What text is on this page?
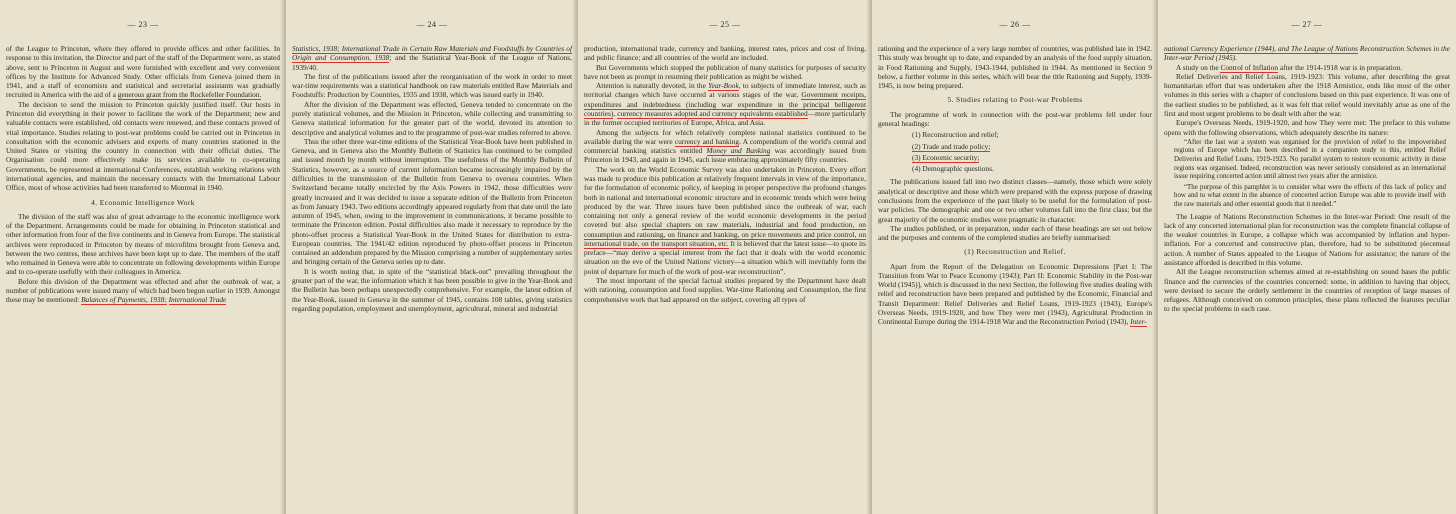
— 23 —

of the League to Princeton, where they offered to provide offices and other facilities. In response to this invitation, the Director and part of the staff of the Department were, as stated above, sent to Princeton in August and were furnished with excellent and very convenient offices by the Institute for Advanced Study. Other officials from Geneva joined them in 1941, and a staff of economists and statistical and secretarial assistants was gradually recruited in America with the aid of a generous grant from the Rockefeller Foundation.

The decision to send the mission to Princeton quickly justified itself. Our hosts in Princeton did everything in their power to facilitate the work of the Department; new and valuable contacts were established, old contacts were renewed, and these contacts proved of vital importance. Studies relating to post-war problems could be carried out in Princeton in consultation with the economic advisers and experts of many countries stationed in the United States or visiting the country in connection with their official duties. The Organisation could more effectively make its services available to co-operating Governments, be represented at international Conferences, establish working relations with international agencies, and maintain the necessary contacts with the International Labour Office, most of whose activities had been transferred to Montreal in 1940.

4. Economic Intelligence Work

The division of the staff was also of great advantage to the economic intelligence work of the Department. Arrangements could be made for obtaining in Princeton statistical and other information from four of the five continents and in Geneva from Europe. The statistical archives were reproduced in Princeton by means of microfilms brought from Geneva and, between the two centres, these archives have been kept up to date. The members of the staff who remained in Geneva were able to concentrate on following developments within Europe and to co-operate usefully with their colleagues in America.

Before this division of the Department was effected and after the outbreak of war, a number of publications were issued many of which had been begun earlier in 1939. Amongst these may be mentioned: Balances of Payments, 1938; International Trade

— 24 —

Statistics, 1938; International Trade in Certain Raw Materials and Foodstuffs by Countries of Origin and Consumption, 1938; and the Statistical Year-Book of the League of Nations, 1939/40.

The first of the publications issued after the reorganisation of the work in order to meet war-time requirements was a statistical handbook on raw materials entitled Raw Materials and Foodstuffs: Production by Countries, 1935 and 1938, which was issued early in 1940.

After the division of the Department was effected, Geneva tended to concentrate on the purely statistical volumes, and the Mission in Princeton, while collecting and transmitting to Geneva statistical information for the greater part of the world, devoted its attention to descriptive and analytical volumes and to the programme of post-war studies referred to above.

Thus the other three war-time editions of the Statistical Year-Book have been published in Geneva, and in Geneva also the Monthly Bulletin of Statistics has continued to be compiled and issued month by month without interruption. The usefulness of the Monthly Bulletin of Statistics, however, as a source of current information became increasingly impaired by the difficulties in the transmission of the Bulletin from Geneva to oversea countries. When Switzerland became totally encircled by the Axis Powers in 1942, those difficulties were greatly increased and it was decided to issue a separate edition of the Bulletin from Princeton as from January 1943. Two editions accordingly appeared regularly from that date until the late autumn of 1945, when, owing to the improvement in communications, it became possible to terminate the Princeton edition. Postal difficulties also made it necessary to reproduce by the photo-offset process a Statistical Year-Book in the United States for distribution to extra-European countries. The 1941/42 edition reproduced by photo-offset process in Princeton contained an addendum prepared by the Mission comprising a number of supplementary series and bringing certain of the Geneva series up to date.

It is worth noting that, in spite of the “statistical black-out” prevailing throughout the greater part of the war, the information which it has been possible to give in the Year-Book and the Bulletin has been perhaps unexpectedly comprehensive. For example, the latest edition of the Year-Book, issued in Geneva in the summer of 1945, contains 108 tables, giving statistics regarding population, employment and unemployment, agricultural, mineral and industrial

— 25 —

production, international trade, currency and banking, interest rates, prices and cost of living, and public finance; and all countries of the world are included.

But Governments which stopped the publication of many statistics for purposes of security have not been as prompt in resuming their publication as might be wished.

Attention is naturally devoted, in the Year-Book, to subjects of immediate interest, such as territorial changes which have occurred at various stages of the war, Government receipts, expenditures and indebtedness (including war expenditure in the principal belligerent countries), currency measures adopted and currency equivalents established—more particularly in the former occupied territories of Europe, Africa, and Asia.

Among the subjects for which relatively complete national statistics continued to be available during the war were currency and banking. A compendium of the world's central and commercial banking statistics entitled Money and Banking was accordingly issued from Princeton in 1943, and again in 1945, each issue embracing approximately fifty countries.

The work on the World Economic Survey was also undertaken in Princeton. Every effort was made to produce this publication at relatively frequent intervals in view of the importance, for the formulation of economic policy, of keeping in proper perspective the profound changes both in national and international economic structure and in economic trends which were being produced by the war. Three issues have been published since the outbreak of war, each containing not only a general review of the world economic developments in the period covered but also special chapters on raw materials, industrial and food production, on consumption and rationing, on finance and banking, on price movements and price control, on international trade, on the transport situation, etc. It is believed that the latest issue—to quote its preface—“may derive a special interest from the fact that it deals with the world economic situation on the eve of the United Nations' victory—a situation which will inevitably form the point of departure for much of the work of post-war reconstruction”.

The most important of the special factual studies prepared by the Department have dealt with rationing, consumption and food supplies. War-time Rationing and Consumption, the first comprehensive work that had appeared on the subject, covering all types of

— 26 —

rationing and the experience of a very large number of countries, was published late in 1942. This study was brought up to date, and expanded by an analysis of the food supply situation, in Food Rationing and Supply, 1943-1944, published in 1944. As mentioned in Section 9 below, a further volume in this series, which will bear the title Rationing and Supply, 1939-1945, is now being prepared.

5. Studies relating to Post-war Problems

The programme of work in connection with the post-war problems fell under four general headings:

(1) Reconstruction and relief;
(2) Trade and trade policy;
(3) Economic security;
(4) Demographic questions.

The publications issued fall into two distinct classes—namely, those which were solely analytical or descriptive and those which were prepared with the express purpose of drawing conclusions from the experience of the past likely to be useful for the formulation of post-war policies. The demographic and one or two other volumes fall into the first class; but the great majority of the economic studies were pragmatic in character.

The studies published, or in preparation, under each of these headings are set out below and the purposes and contents of the completed studies are briefly summarised:

(1) Reconstruction and Relief.

Apart from the Report of the Delegation on Economic Depressions [Part I: The Transition from War to Peace Economy (1943); Part II: Economic Stability in the Post-war World (1945)], which is discussed in the next Section, the following five studies dealing with relief and reconstruction have been prepared and published by the Economic, Financial and Transit Department: Relief Deliveries and Relief Loans, 1919-1923 (1943), Europe's Overseas Needs, 1919-1920, and how They were met (1943), Agricultural Production in Continental Europe during the 1914-1918 War and the Reconstruction Period (1943), Inter-

— 27 —

national Currency Experience (1944), and The League of Nations Reconstruction Schemes in the Inter-war Period (1945).

A study on the Control of Inflation after the 1914-1918 war is in preparation.

Relief Deliveries and Relief Loans, 1919-1923: This volume, after describing the great humanitarian effort that was undertaken after the 1918 Armistice, ends like most of the other volumes in this series with a chapter of conclusions based on this past experience. It was one of the earliest studies to be published, as it was felt that relief would inevitably arise as one of the first and most urgent problems to be dealt with after the war.

Europe's Overseas Needs, 1919-1920, and how They were met: The preface to this volume opens with the following observations, which adequately describe its nature:

“After the last war a system was organised for the provision of relief to the impoverished regions of Europe which has been described in a companion study to this, entitled Relief Deliveries and Relief Loans, 1919-1923. No parallel system to restore economic activity in these regions was organised. Indeed, reconstruction was never seriously considered as an international issue requiring concerted action until almost two years after the armistice.
“The purpose of this pamphlet is to consider what were the effects of this lack of policy and how and to what extent in the absence of concerted action Europe was able to provide itself with the raw materials and other essential goods that it needed.”

The League of Nations Reconstruction Schemes in the Inter-war Period: One result of the lack of any concerted international plan for reconstruction was the complete financial collapse of the weaker countries in Europe, a collapse which was accompanied by inflation and hyper-inflation. For a concerted and constructive plan, therefore, had to be substituted piecemeal action. A number of States appealed to the League of Nations for assistance; the nature of the assistance afforded is described in this volume.

All the League reconstruction schemes aimed at re-establishing on sound bases the public finance and the currencies of the countries concerned: some, in addition to having that object, were devised to secure the orderly settlement in the countries of reception of large masses of refugees. Although conceived on common principles, these plans reflected the features peculiar to the special problems in each case.
